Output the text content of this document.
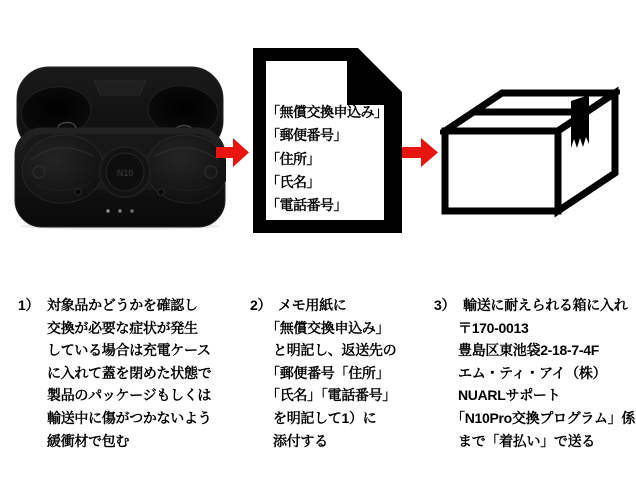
N10
「無償交換申込み」
「郵便番号」
「住所」
「氏名」
「電話番号」
1） 対象品かどうかを確認し
交換が必要な症状が発生
している場合は充電ケース
に入れて蓋を閉めた状態で
製品のパッケージもしくは
輸送中に傷がつかないよう
緩衝材で包む
2） メモ用紙に
「無償交換申込み」
と明記し、返送先の
「郵便番号「住所」
「氏名」「電話番号」
を明記して1）に
添付する
3） 輸送に耐えられる箱に入れ
〒170-0013
豊島区東池袋2-18-7-4F
エム・ティ・アイ（株）
NUARLサポート
「N10Pro交換プログラム」係
まで「着払い」で送る
